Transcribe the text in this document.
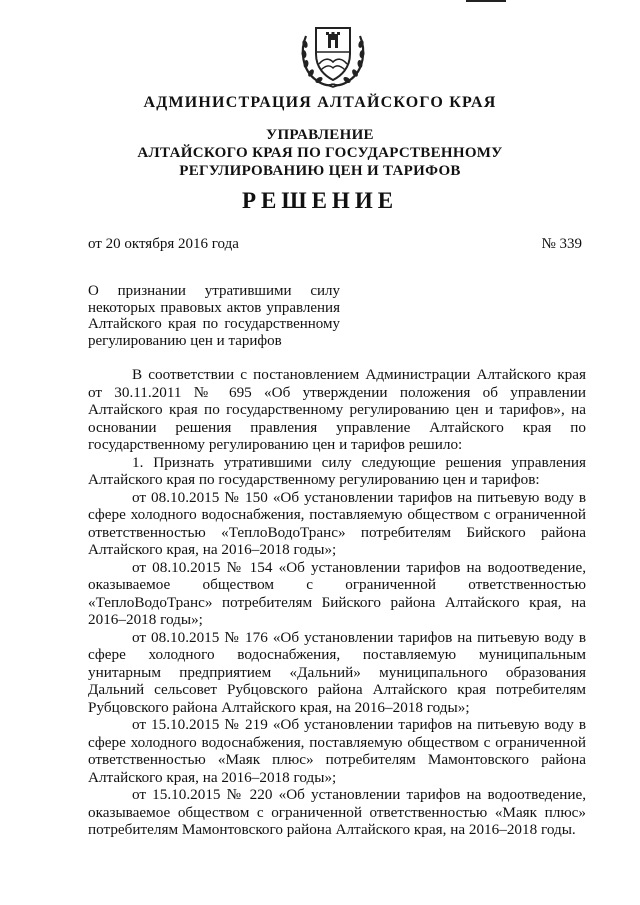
АДМИНИСТРАЦИЯ АЛТАЙСКОГО КРАЯ
УПРАВЛЕНИЕ
АЛТАЙСКОГО КРАЯ ПО ГОСУДАРСТВЕННОМУ
РЕГУЛИРОВАНИЮ ЦЕН И ТАРИФОВ
РЕШЕНИЕ
от 20 октября 2016 года	№ 339
О признании утратившими силу некоторых правовых актов управления Алтайского края по государственному регулированию цен и тарифов

В соответствии с постановлением Администрации Алтайского края от 30.11.2011 № 695 «Об утверждении положения об управлении Алтайского края по государственному регулированию цен и тарифов», на основании решения правления управление Алтайского края по государственному регулированию цен и тарифов решило:

1. Признать утратившими силу следующие решения управления Алтайского края по государственному регулированию цен и тарифов:

от 08.10.2015 № 150 «Об установлении тарифов на питьевую воду в сфере холодного водоснабжения, поставляемую обществом с ограниченной ответственностью «ТеплоВодоТранс» потребителям Бийского района Алтайского края, на 2016–2018 годы»;

от 08.10.2015 № 154 «Об установлении тарифов на водоотведение, оказываемое обществом с ограниченной ответственностью «ТеплоВодоТранс» потребителям Бийского района Алтайского края, на 2016–2018 годы»;

от 08.10.2015 № 176 «Об установлении тарифов на питьевую воду в сфере холодного водоснабжения, поставляемую муниципальным унитарным предприятием «Дальний» муниципального образования Дальний сельсовет Рубцовского района Алтайского края потребителям Рубцовского района Алтайского края, на 2016–2018 годы»;

от 15.10.2015 № 219 «Об установлении тарифов на питьевую воду в сфере холодного водоснабжения, поставляемую обществом с ограниченной ответственностью «Маяк плюс» потребителям Мамонтовского района Алтайского края, на 2016–2018 годы»;

от 15.10.2015 № 220 «Об установлении тарифов на водоотведение, оказываемое обществом с ограниченной ответственностью «Маяк плюс» потребителям Мамонтовского района Алтайского края, на 2016–2018 годы.
